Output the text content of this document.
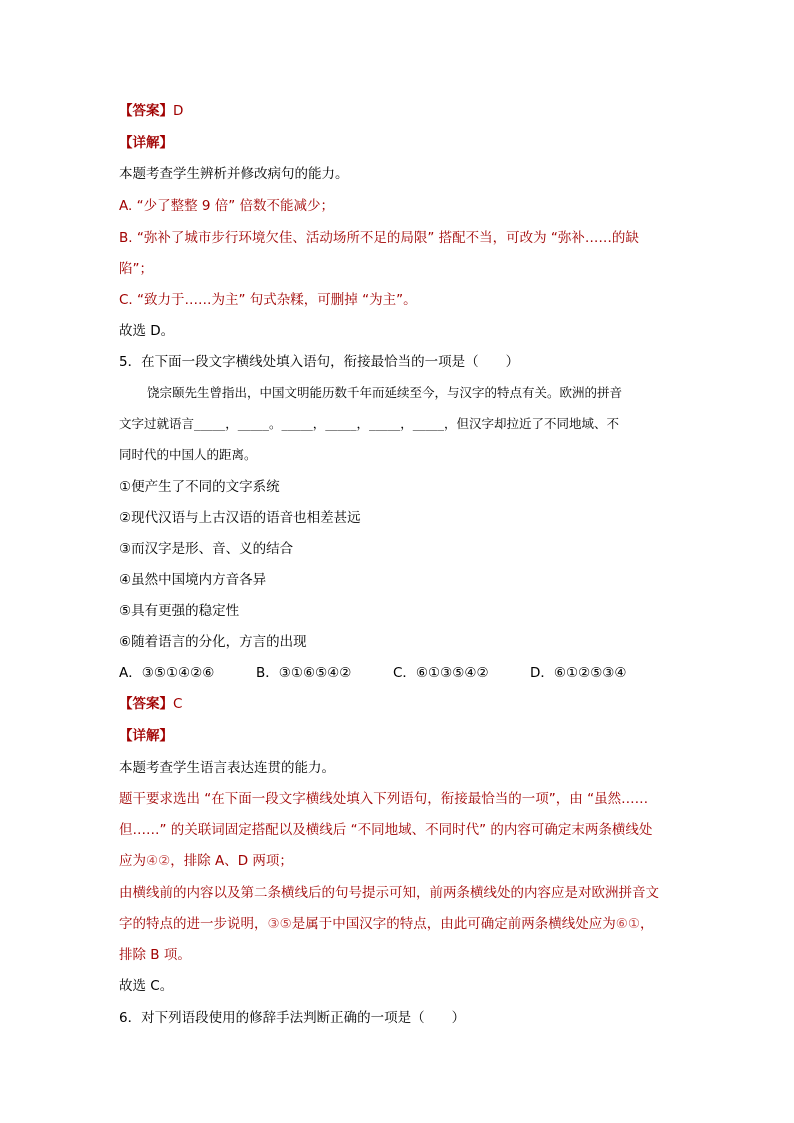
【答案】D
【详解】
本题考查学生辨析并修改病句的能力。
A. “少了整整 9 倍” 倍数不能减少；
B. “弥补了城市步行环境欠佳、活动场所不足的局限” 搭配不当，可改为 “弥补……的缺
陷”；
C. “致力于……为主” 句式杂糅，可删掉 “为主”。
故选 D。
5．在下面一段文字横线处填入语句，衔接最恰当的一项是（　　）
饶宗颐先生曾指出，中国文明能历数千年而延续至今，与汉字的特点有关。欧洲的拼音
文字过就语言_____，_____。_____，_____，_____，_____，但汉字却拉近了不同地域、不
同时代的中国人的距离。
①便产生了不同的文字系统
②现代汉语与上古汉语的语音也相差甚远
③而汉字是形、音、义的结合
④虽然中国境内方音各异
⑤具有更强的稳定性
⑥随着语言的分化，方言的出现
A．③⑤①④②⑥	B．③①⑥⑤④②	C．⑥①③⑤④②	D．⑥①②⑤③④
【答案】C
【详解】
本题考查学生语言表达连贯的能力。
题干要求选出 “在下面一段文字横线处填入下列语句，衔接最恰当的一项”，由 “虽然……
但……” 的关联词固定搭配以及横线后 “不同地域、不同时代” 的内容可确定末两条横线处
应为④②，排除 A、D 两项；
由横线前的内容以及第二条横线后的句号提示可知，前两条横线处的内容应是对欧洲拼音文
字的特点的进一步说明，③⑤是属于中国汉字的特点，由此可确定前两条横线处应为⑥①，
排除 B 项。
故选 C。
6．对下列语段使用的修辞手法判断正确的一项是（　　）
